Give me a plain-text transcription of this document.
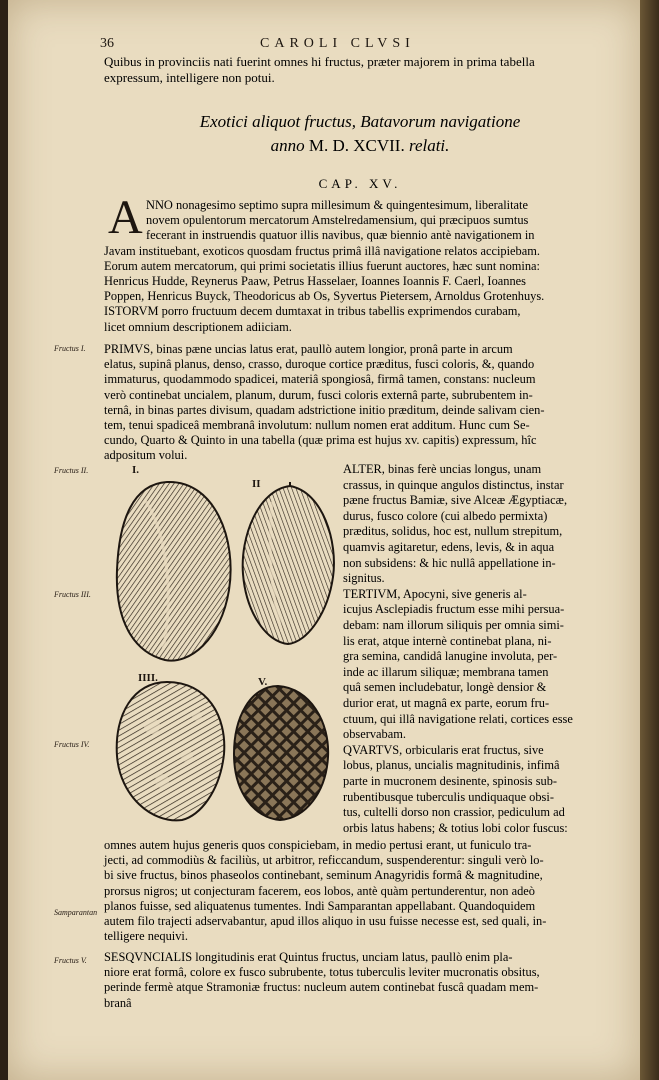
36	CAROLI CLVSI
Quibus in provinciis nati fuerint omnes hi fructus, præter majorem in prima tabella
expressum, intelligere non potui.
Exotici aliquot fructus, Batavorum navigatione
anno M. D. XCVII. relati.
CAP. XV.
A NNO nonagesimo septimo supra millesimum & quingentesimum, liberalitate
novem opulentorum mercatorum Amstelredamensium, qui præcipuos sumtus
fecerant in instruendis quatuor illis navibus, quæ biennio antè navigationem in
Javam instituebant, exoticos quosdam fructus primâ illâ navigatione relatos accipiebam.
Eorum autem mercatorum, qui primi societatis illius fuerunt auctores, hæc sunt nomina:
Henricus Hudde, Reynerus Paaw, Petrus Hasselaer, Ioannes Ioannis F. Caerl, Ioannes
Poppen, Henricus Buyck, Theodoricus ab Os, Syvertus Pietersem, Arnoldus Grotenhuys.
ISTORVM porro fructuum decem dumtaxat in tribus tabellis exprimendos curabam,
licet omnium descriptionem adiiciam.
PRIMVS, binas pæne uncias latus erat, paullò autem longior, pronâ parte in arcum
elatus, supinâ planus, denso, crasso, duroque cortice præditus, fusci coloris, &, quando
immaturus, quodammodo spadicei, materiâ spongiosâ, firmâ tamen, constans: nucleum
verò continebat uncialem, planum, durum, fusci coloris externâ parte, subrubentem in-
ternâ, in binas partes divisum, quadam adstrictione initio præditum, deinde salivam cien-
tem, tenui spadiceâ membranâ involutum: nullum nomen erat additum. Hunc cum Se-
cundo, Quarto & Quinto in una tabella (quæ prima est hujus xv. capitis) expressum, hîc
adpositum volui.
ALTER, binas ferè uncias longus, unam
crassus, in quinque angulos distinctus, instar
pæne fructus Bamiæ, sive Alceæ Ægyptiacæ,
durus, fusco colore (cui albedo permixta)
præditus, solidus, hoc est, nullum strepitum,
quamvis agitaretur, edens, levis, & in aqua
non subsidens: & hic nullâ appellatione in-
signitus.
TERTIVM, Apocyni, sive generis al-
icujus Asclepiadis fructum esse mihi persua-
debam: nam illorum siliquis per omnia simi-
lis erat, atque internè continebat plana, ni-
gra semina, candidâ lanugine involuta, per-
inde ac illarum siliquæ; membrana tamen
quâ semen includebatur, longè densior &
durior erat, ut magnâ ex parte, eorum fru-
ctuum, qui illâ navigatione relati, cortices esse
observabam.
QVARTVS, orbicularis erat fructus, sive
lobus, planus, uncialis magnitudinis, infimâ
parte in mucronem desinente, spinosis sub-
rubentibusque tuberculis undiquaque obsi-
tus, cultelli dorso non crassior, pediculum ad
orbis latus habens; & totius lobi color fuscus:
omnes autem hujus generis quos conspiciebam, in medio pertusi erant, ut funiculo tra-
jecti, ad commodiùs & faciliùs, ut arbitror, reficcandum, suspenderentur: singuli verò lo-
bi sive fructus, binos phaseolos continebant, seminum Anagyridis formâ & magnitudine,
prorsus nigros; ut conjecturam facerem, eos lobos, antè quàm pertunderentur, non adeò
planos fuisse, sed aliquatenus tumentes. Indi Samparantan appellabant. Quandoquidem
autem filo trajecti adservabantur, apud illos aliquo in usu fuisse necesse est, sed quali, in-
telligere nequivi.
SESQVNCIALIS longitudinis erat Quintus fructus, unciam latus, paullò enim pla-
niore erat formâ, colore ex fusco subrubente, totus tuberculis leviter mucronatis obsitus,
perinde fermè atque Stramoniæ fructus: nucleum autem continebat fuscâ quadam mem-
branâ
Fructus I.
Fructus II.
Fructus III.
Fructus IV.
Samparantan
Fructus V.
I.
II
IIII.	V.
